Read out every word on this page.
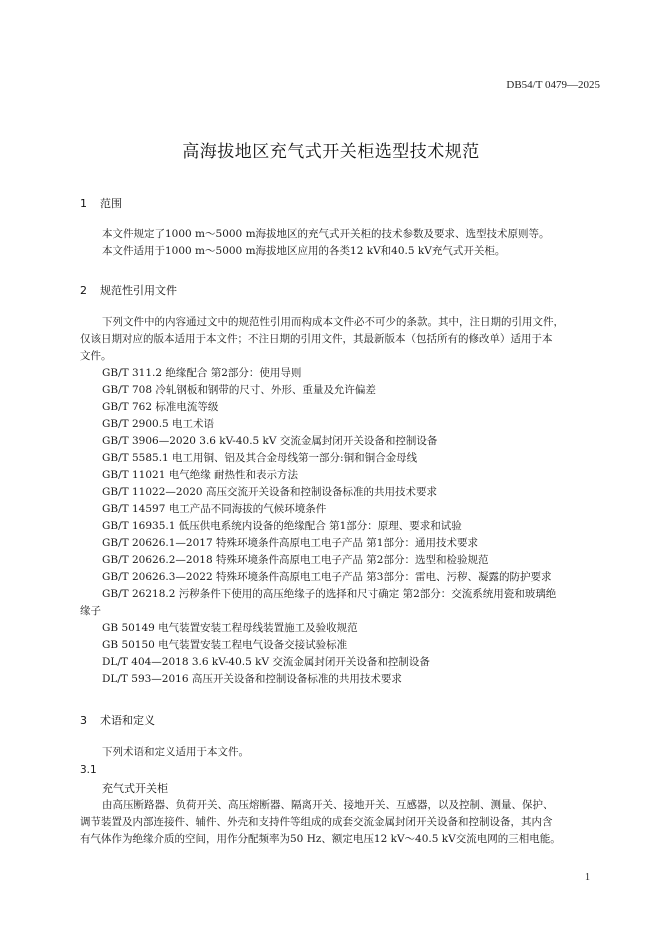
DB54/T 0479—2025
高海拔地区充气式开关柜选型技术规范
1 范围
本文件规定了1000 m～5000 m海拔地区的充气式开关柜的技术参数及要求、选型技术原则等。
本文件适用于1000 m～5000 m海拔地区应用的各类12 kV和40.5 kV充气式开关柜。
2 规范性引用文件
下列文件中的内容通过文中的规范性引用而构成本文件必不可少的条款。其中，注日期的引用文件，
仅该日期对应的版本适用于本文件；不注日期的引用文件，其最新版本（包括所有的修改单）适用于本
文件。
GB/T 311.2 绝缘配合 第2部分：使用导则
GB/T 708 冷轧钢板和钢带的尺寸、外形、重量及允许偏差
GB/T 762 标准电流等级
GB/T 2900.5 电工术语
GB/T 3906—2020 3.6 kV-40.5 kV 交流金属封闭开关设备和控制设备
GB/T 5585.1 电工用铜、铝及其合金母线第一部分:铜和铜合金母线
GB/T 11021 电气绝缘 耐热性和表示方法
GB/T 11022—2020 高压交流开关设备和控制设备标准的共用技术要求
GB/T 14597 电工产品不同海拔的气候环境条件
GB/T 16935.1 低压供电系统内设备的绝缘配合 第1部分：原理、要求和试验
GB/T 20626.1—2017 特殊环境条件高原电工电子产品 第1部分：通用技术要求
GB/T 20626.2—2018 特殊环境条件高原电工电子产品 第2部分：选型和检验规范
GB/T 20626.3—2022 特殊环境条件高原电工电子产品 第3部分：雷电、污秽、凝露的防护要求
GB/T 26218.2 污秽条件下使用的高压绝缘子的选择和尺寸确定 第2部分：交流系统用瓷和玻璃绝
缘子
GB 50149 电气装置安装工程母线装置施工及验收规范
GB 50150 电气装置安装工程电气设备交接试验标准
DL/T 404—2018 3.6 kV-40.5 kV 交流金属封闭开关设备和控制设备
DL/T 593—2016 高压开关设备和控制设备标准的共用技术要求
3 术语和定义
下列术语和定义适用于本文件。
3.1
充气式开关柜
由高压断路器、负荷开关、高压熔断器、隔离开关、接地开关、互感器，以及控制、测量、保护、
调节装置及内部连接件、辅件、外壳和支持件等组成的成套交流金属封闭开关设备和控制设备，其内含
有气体作为绝缘介质的空间，用作分配频率为50 Hz、额定电压12 kV～40.5 kV交流电网的三相电能。
1
